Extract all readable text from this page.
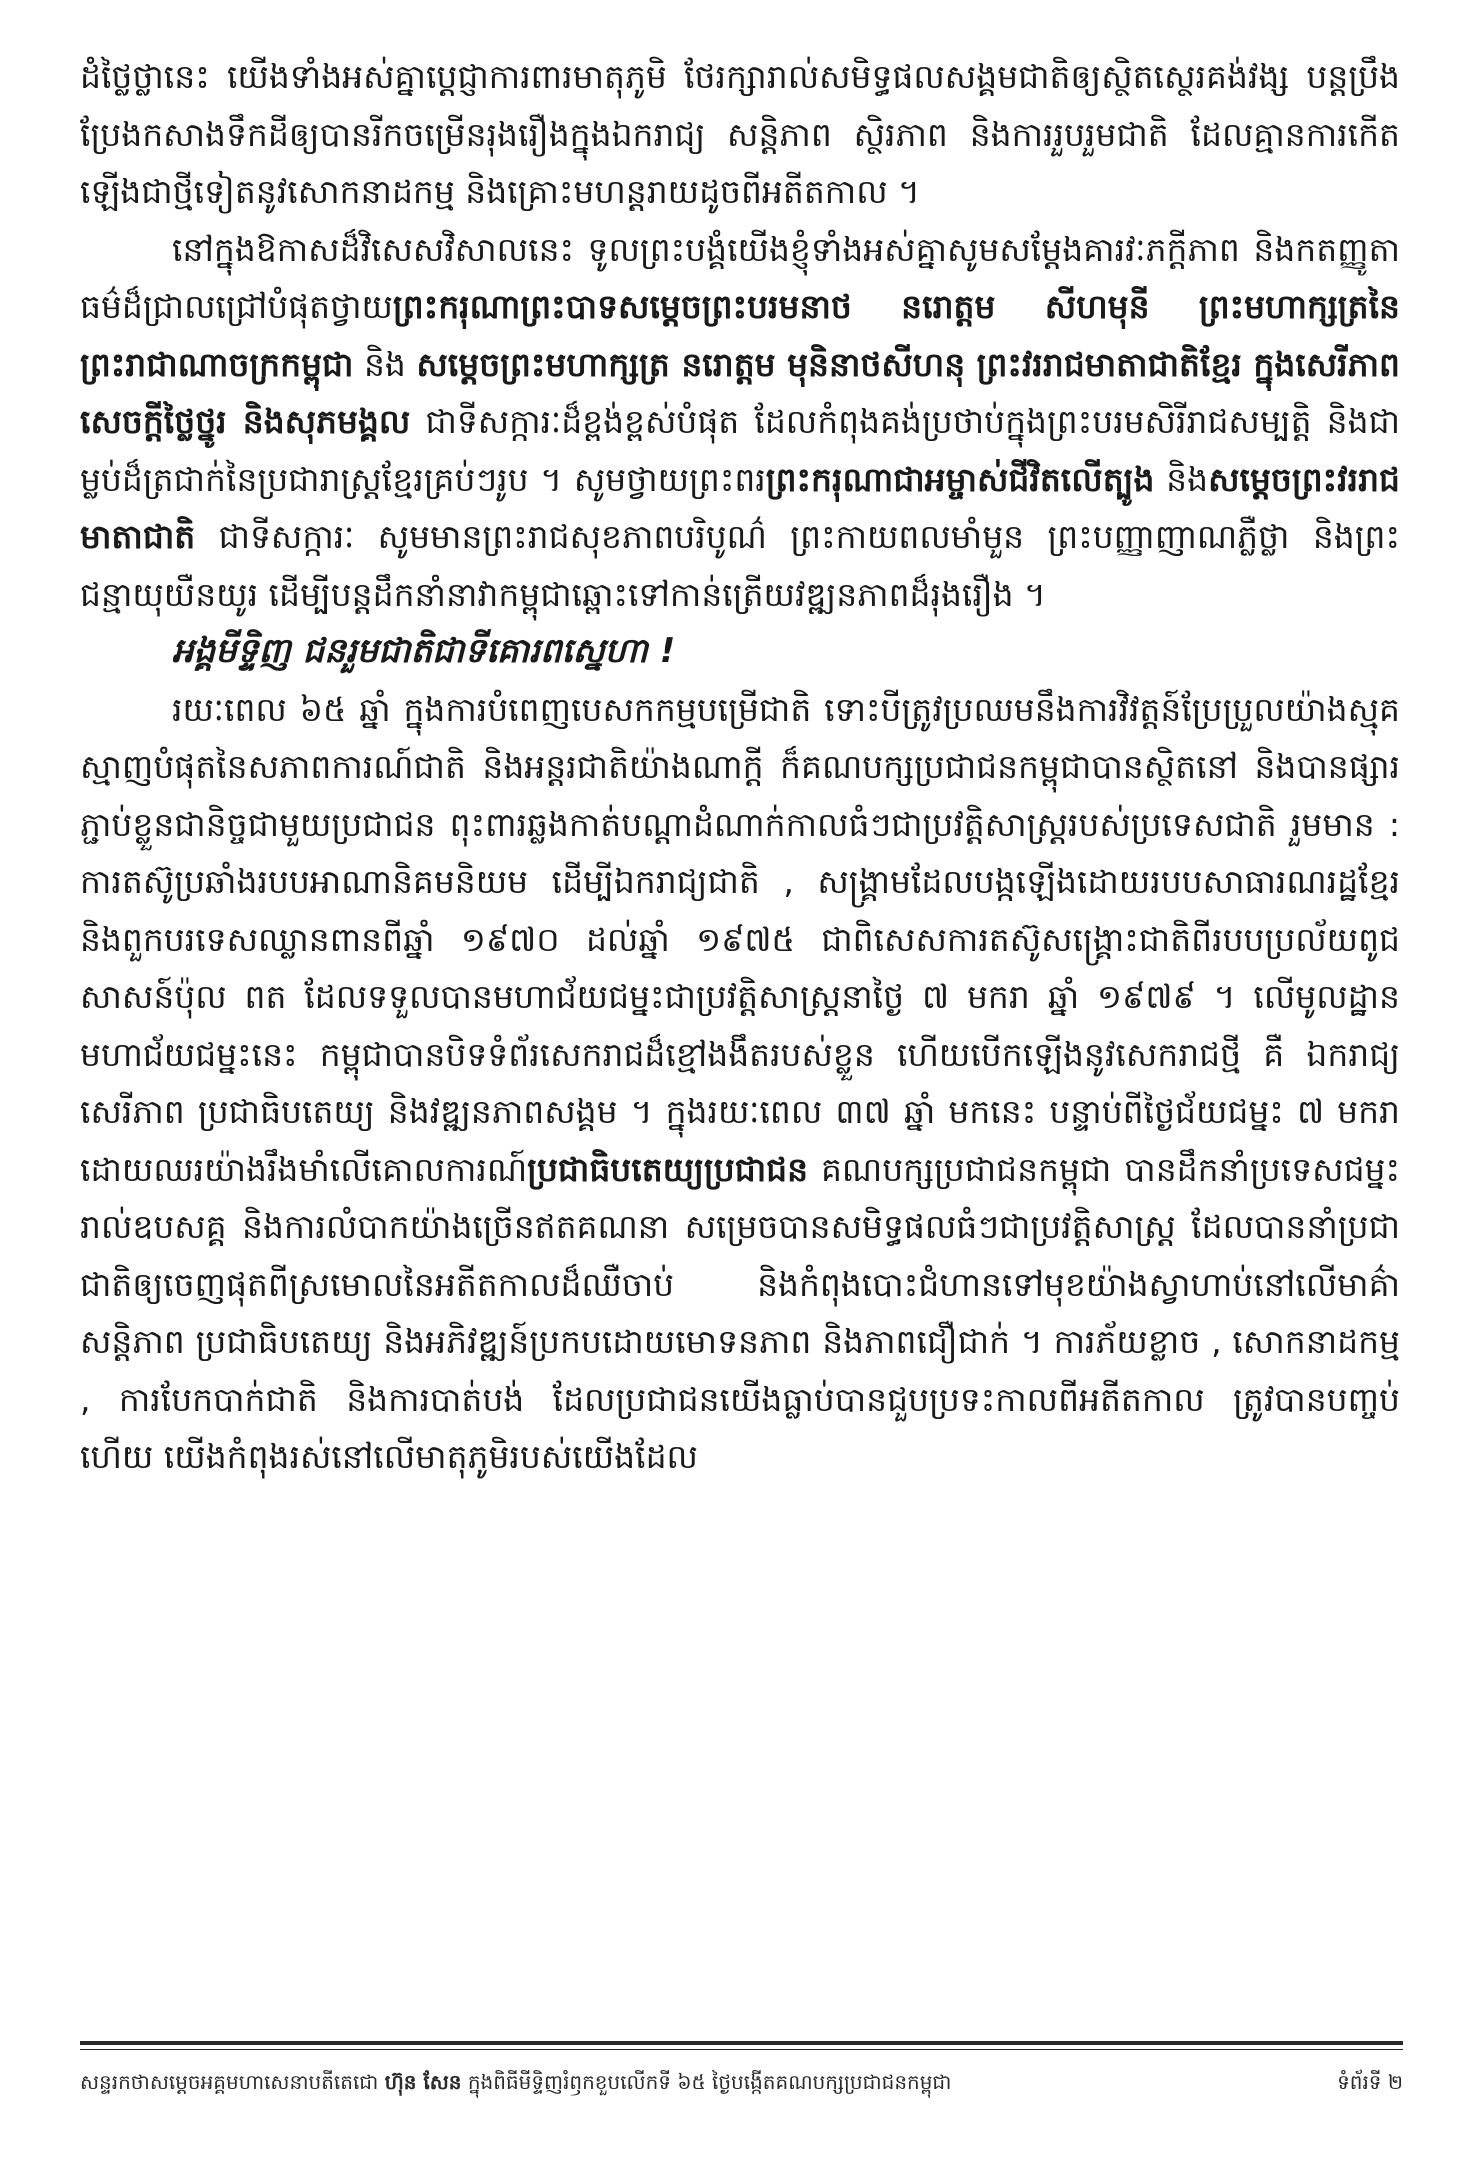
ដំថ្លៃថ្លានេះ យើងទាំងអស់គ្នាប្តេជ្ញាការពារមាតុភូមិ ថែរក្សារាល់សមិទ្ធផលសង្គមជាតិឲ្យស្ថិតស្ថេរគង់វង្ស បន្តប្រឹងប្រែងកសាងទឹកដីឲ្យបានរីកចម្រើនរុងរឿងក្នុងឯករាជ្យ សន្តិភាព ស្ថិរភាព និងការរួបរួមជាតិ ដែលគ្មានការកើតឡើងជាថ្មីទៀតនូវសោកនាដកម្ម និងគ្រោះមហន្តរាយដូចពីអតីតកាល ។

នៅក្នុងឱកាសដ៏វិសេសវិសាលនេះ ទូលព្រះបង្គំយើងខ្ញុំទាំងអស់គ្នាសូមសម្តែងគារវៈភក្តីភាព និងកតញ្ញូតាធម៌ដ៏ជ្រាលជ្រៅបំផុតថ្វាយព្រះករុណាព្រះបាទសម្តេចព្រះបរមនាថ នរោត្តម សីហមុនី ព្រះមហាក្សត្រនៃព្រះរាជាណាចក្រកម្ពុជា និង សម្តេចព្រះមហាក្សត្រ នរោត្តម មុនិនាថសីហនុ ព្រះវររាជមាតាជាតិខ្មែរ ក្នុងសេរីភាព សេចក្តីថ្លៃថ្នូរ និងសុភមង្គល ជាទីសក្ការៈដ៏ខ្ពង់ខ្ពស់បំផុត ដែលកំពុងគង់ប្រថាប់ក្នុងព្រះបរមសិរីរាជសម្បត្តិ និងជាម្លប់ដ៏ត្រជាក់នៃប្រជារាស្ត្រខ្មែរគ្រប់ៗរូប ។ សូមថ្វាយព្រះពរព្រះករុណាជាអម្ចាស់ជីវិតលើត្បូង និងសម្តេចព្រះវររាជមាតាជាតិ ជាទីសក្ការៈ សូមមានព្រះរាជសុខភាពបរិបូណ៌ ព្រះកាយពលមាំមួន ព្រះបញ្ញាញាណភ្លឺថ្លា និងព្រះជន្មាយុយឺនយូរ ដើម្បីបន្តដឹកនាំនាវាកម្ពុជាឆ្ពោះទៅកាន់ត្រើយវឌ្ឍនភាពដ៏រុងរឿង ។

អង្គមីទ្ទិញ ជនរួមជាតិជាទីគោរពស្នេហា !

រយៈពេល ៦៥ ឆ្នាំ ក្នុងការបំពេញបេសកកម្មបម្រើជាតិ ទោះបីត្រូវប្រឈមនឹងការវិវត្តន៍ប្រែប្រួលយ៉ាងស្មុគស្មាញបំផុតនៃសភាពការណ៍ជាតិ និងអន្តរជាតិយ៉ាងណាក្តី ក៏គណបក្សប្រជាជនកម្ពុជាបានស្ថិតនៅ និងបានផ្សារភ្ជាប់ខ្លួនជានិច្ចជាមួយប្រជាជន ពុះពារឆ្លងកាត់បណ្តាដំណាក់កាលធំៗជាប្រវត្តិសាស្ត្ររបស់ប្រទេសជាតិ រួមមាន : ការតស៊ូប្រឆាំងរបបអាណានិគមនិយម ដើម្បីឯករាជ្យជាតិ , សង្គ្រាមដែលបង្កឡើងដោយរបបសាធារណរដ្ឋខ្មែរ និងពួកបរទេសឈ្លានពានពីឆ្នាំ ១៩៧០ ដល់ឆ្នាំ ១៩៧៥ ជាពិសេសការតស៊ូសង្គ្រោះជាតិពីរបបប្រល័យពូជសាសន៍ប៉ុល ពត ដែលទទួលបានមហាជ័យជម្នះជាប្រវត្តិសាស្ត្រនាថ្ងៃ ៧ មករា ឆ្នាំ ១៩៧៩ ។ លើមូលដ្ឋានមហាជ័យជម្នះនេះ កម្ពុជាបានបិទទំព័រសេករាជដ៏ខ្មៅងងឹតរបស់ខ្លួន ហើយបើកឡើងនូវសេករាជថ្មី គឺ ឯករាជ្យ សេរីភាព ប្រជាធិបតេយ្យ និងវឌ្ឍនភាពសង្គម ។ ក្នុងរយៈពេល ៣៧ ឆ្នាំ មកនេះ បន្ទាប់ពីថ្ងៃជ័យជម្នះ ៧ មករា ដោយឈរយ៉ាងរឹងមាំលើគោលការណ៍ប្រជាធិបតេយ្យប្រជាជន គណបក្សប្រជាជនកម្ពុជា បានដឹកនាំប្រទេសជម្នះរាល់ឧបសគ្គ និងការលំបាកយ៉ាងច្រើនឥតគណនា សម្រេចបានសមិទ្ធផលធំៗជាប្រវត្តិសាស្ត្រ ដែលបាននាំប្រជាជាតិឲ្យចេញផុតពីស្រមោលនៃអតីតកាលដ៏ឈឺចាប់ និងកំពុងបោះជំហានទៅមុខយ៉ាងស្វាហាប់នៅលើមាគ៌ាសន្តិភាព ប្រជាធិបតេយ្យ និងអភិវឌ្ឍន៍ប្រកបដោយមោទនភាព និងភាពជឿជាក់ ។ ការភ័យខ្លាច , សោកនាដកម្ម , ការបែកបាក់ជាតិ និងការបាត់បង់ ដែលប្រជាជនយើងធ្លាប់បានជួបប្រទះកាលពីអតីតកាល ត្រូវបានបញ្ចប់ហើយ យើងកំពុងរស់នៅលើមាតុភូមិរបស់យើងដែល

សន្ទរកថាសម្តេចអគ្គមហាសេនាបតីតេជោ ហ៊ុន សែន ក្នុងពិធីមីទ្ទិញរំឭកខួបលើកទី ៦៥ ថ្ងៃបង្កើតគណបក្សប្រជាជនកម្ពុជា	ទំព័រទី ២
